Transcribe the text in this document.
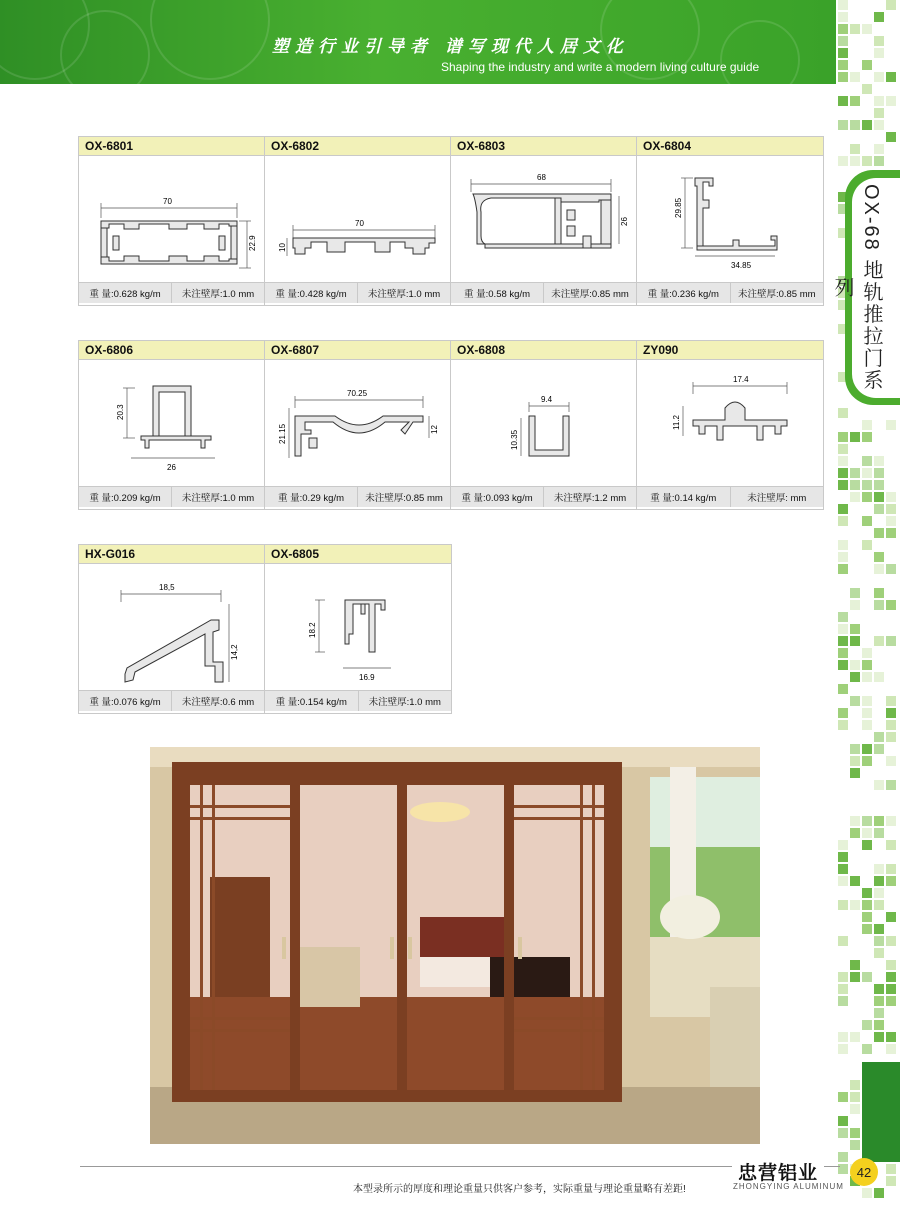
塑造行业引导者 谱写现代人居文化
Shaping the industry and write a modern living culture guide
OX-68 地轨推拉门系列
OX-6801
70
22.9
重 量:0.628 kg/m	未注壁厚:1.0 mm
OX-6802
70
10
重 量:0.428 kg/m	未注壁厚:1.0 mm
OX-6803
68
26
重 量:0.58 kg/m	未注壁厚:0.85 mm
OX-6804
29.85
34.85
重 量:0.236 kg/m	未注壁厚:0.85 mm
OX-6806
20.3
26
重 量:0.209 kg/m	未注壁厚:1.0 mm
OX-6807
70.25
21.15	12
重 量:0.29 kg/m	未注壁厚:0.85 mm
OX-6808
9.4
10.35
重 量:0.093 kg/m	未注壁厚:1.2 mm
ZY090
17.4
11.2
重 量:0.14 kg/m	未注壁厚: mm
HX-G016
18,5
14,2
重 量:0.076 kg/m	未注壁厚:0.6 mm
OX-6805
18.2
16.9
重 量:0.154 kg/m	未注壁厚:1.0 mm
忠营铝业
ZHONGYING ALUMINUM
本型录所示的厚度和理论重量只供客户参考，实际重量与理论重量略有差距!
42
